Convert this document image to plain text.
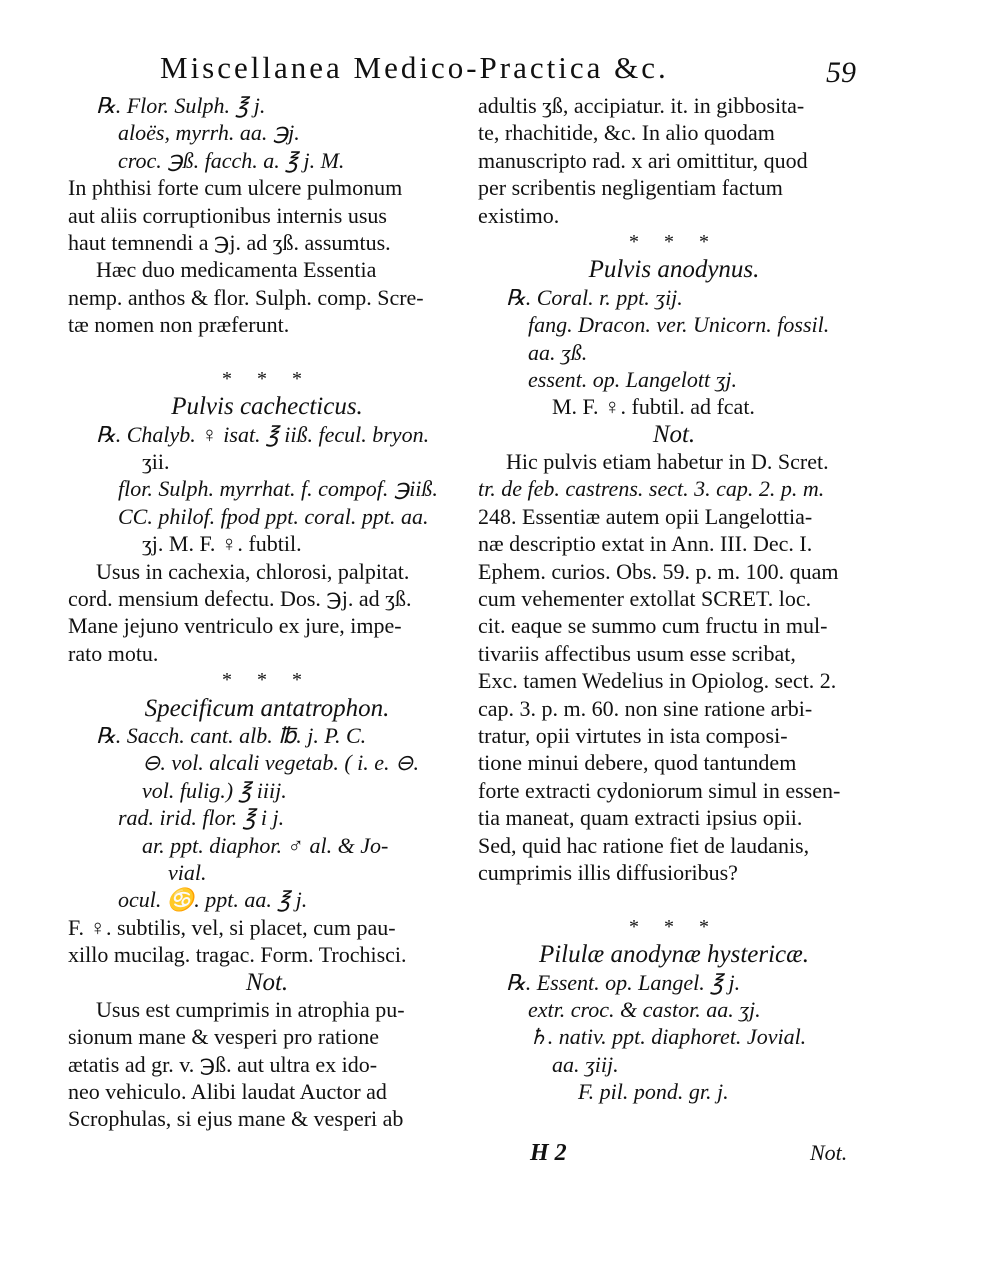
Miscellanea Medico-Practica &c.	59
℞. Flor. Sulph. ℥ j.
aloës, myrrh. aa. ℈j.
croc. ℈ß. facch. a. ℥ j. M.
In phthisi forte cum ulcere pulmonum
aut aliis corruptionibus internis usus
haut temnendi a ℈j. ad ʒß. assumtus.
Hæc duo medicamenta Essentia
nemp. anthos & flor. Sulph. comp. Scre-
tæ nomen non præferunt.
* * *
Pulvis cachecticus.
℞. Chalyb. ♀ isat. ℥ iiß. fecul. bryon.
ʒii.
flor. Sulph. myrrhat. f. compof. ℈iiß.
CC. philof. fpod ppt. coral. ppt. aa.
ʒj. M. F. ♀. fubtil.
Usus in cachexia, chlorosi, palpitat.
cord. mensium defectu. Dos. ℈j. ad ʒß.
Mane jejuno ventriculo ex jure, impe-
rato motu.
* * *
Specificum antatrophon.
℞. Sacch. cant. alb. ℔. j. P. C.
⊖. vol. alcali vegetab. ( i. e. ⊖.
vol. fulig.) ℥ iiij.
rad. irid. flor. ℥ i j.
ar. ppt. diaphor. ♂ al. & Jo-
vial.
ocul. ♋. ppt. aa. ℥ j.
F. ♀. subtilis, vel, si placet, cum pau-
xillo mucilag. tragac. Form. Trochisci.
Not.
Usus est cumprimis in atrophia pu-
sionum mane & vesperi pro ratione
ætatis ad gr. v. ℈ß. aut ultra ex ido-
neo vehiculo. Alibi laudat Auctor ad
Scrophulas, si ejus mane & vesperi ab
adultis ʒß, accipiatur. it. in gibbosita-
te, rhachitide, &c. In alio quodam
manuscripto rad. x ari omittitur, quod
per scribentis negligentiam factum
existimo.
* * *
Pulvis anodynus.
℞. Coral. r. ppt. ʒij.
fang. Dracon. ver. Unicorn. fossil.
aa. ʒß.
essent. op. Langelott ʒj.
M. F. ♀. fubtil. ad fcat.
Not.
Hic pulvis etiam habetur in D. Scret.
tr. de feb. castrens. sect. 3. cap. 2. p. m.
248. Essentiæ autem opii Langelottia-
næ descriptio extat in Ann. III. Dec. I.
Ephem. curios. Obs. 59. p. m. 100. quam
cum vehementer extollat SCRET. loc.
cit. eaque se summo cum fructu in mul-
tivariis affectibus usum esse scribat,
Exc. tamen Wedelius in Opiolog. sect. 2.
cap. 3. p. m. 60. non sine ratione arbi-
tratur, opii virtutes in ista composi-
tione minui debere, quod tantundem
forte extracti cydoniorum simul in essen-
tia maneat, quam extracti ipsius opii.
Sed, quid hac ratione fiet de laudanis,
cumprimis illis diffusioribus?
* * *
Pilulæ anodynæ hystericæ.
℞. Essent. op. Langel. ℥ j.
extr. croc. & castor. aa. ʒj.
♄. nativ. ppt. diaphoret. Jovial.
aa. ʒiij.
F. pil. pond. gr. j.
H 2	Not.
